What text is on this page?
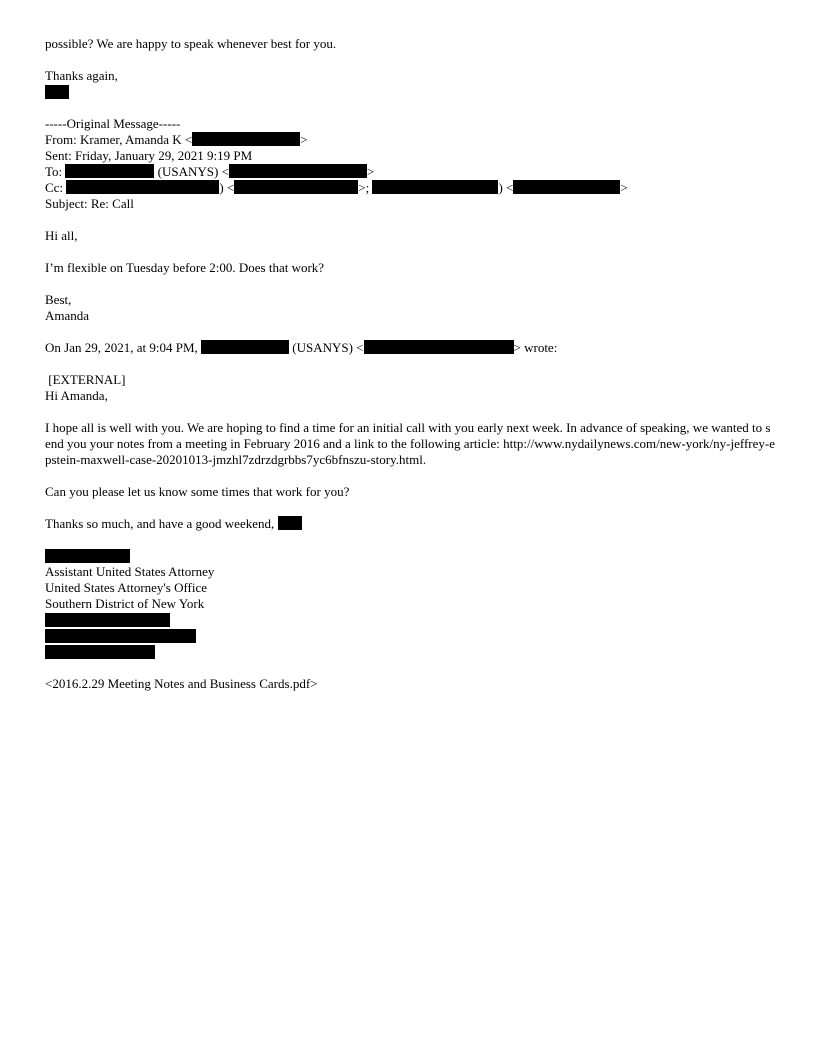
possible? We are happy to speak whenever best for you.
Thanks again,
-----Original Message-----
From: Kramer, Amanda K <	>
Sent: Friday, January 29, 2021 9:19 PM
To:	(USANYS) <	>
Cc:	) <	>;	) <	>
Subject: Re: Call
Hi all,
I’m flexible on Tuesday before 2:00. Does that work?
Best,
Amanda
On Jan 29, 2021, at 9:04 PM,	(USANYS) <	> wrote:
[EXTERNAL]
Hi Amanda,
I hope all is well with you. We are hoping to find a time for an initial call with you early next week. In advance of speaking, we wanted to send you your notes from a meeting in February 2016 and a link to the following article: http://www.nydailynews.com/new-york/ny-jeffrey-epstein-maxwell-case-20201013-jmzhl7zdrzdgrbbs7yc6bfnszu-story.html.
Can you please let us know some times that work for you?
Thanks so much, and have a good weekend,
Assistant United States Attorney
United States Attorney's Office
Southern District of New York
<2016.2.29 Meeting Notes and Business Cards.pdf>
